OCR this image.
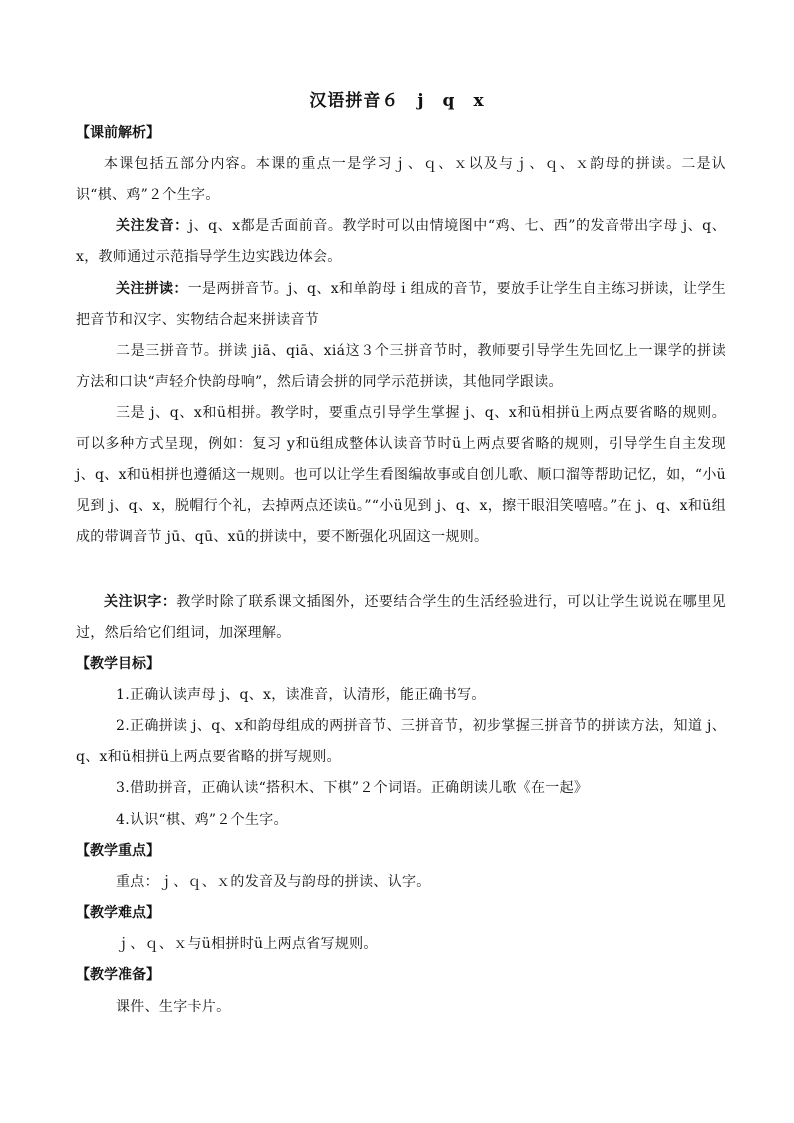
汉语拼音６　j　q　x
【课前解析】

本课包括五部分内容。本课的重点一是学习ｊ、ｑ、ｘ以及与ｊ、ｑ、ｘ韵母的拼读。二是认识“棋、鸡”２个生字。

关注发音：j、q、x都是舌面前音。教学时可以由情境图中“鸡、七、西”的发音带出字母 j、q、x，教师通过示范指导学生边实践边体会。

关注拼读：一是两拼音节。j、q、x和单韵母ｉ组成的音节，要放手让学生自主练习拼读，让学生把音节和汉字、实物结合起来拼读音节

二是三拼音节。拼读 jiā、qiā、xiá这３个三拼音节时，教师要引导学生先回忆上一课学的拼读方法和口诀“声轻介快韵母响”，然后请会拼的同学示范拼读，其他同学跟读。

三是 j、q、x和ü相拼。教学时，要重点引导学生掌握 j、q、x和ü相拼ü上两点要省略的规则。可以多种方式呈现，例如：复习 y和ü组成整体认读音节时ü上两点要省略的规则，引导学生自主发现 j、q、x和ü相拼也遵循这一规则。也可以让学生看图编故事或自创儿歌、顺口溜等帮助记忆，如，“小ü见到 j、q、x，脱帽行个礼，去掉两点还读ü。”“小ü见到 j、q、x，擦干眼泪笑嘻嘻。”在 j、q、x和ü组成的带调音节 jū、qū、xū的拼读中，要不断强化巩固这一规则。

关注识字：教学时除了联系课文插图外，还要结合学生的生活经验进行，可以让学生说说在哪里见过，然后给它们组词，加深理解。

【教学目标】

1.正确认读声母 j、q、x，读准音，认清形，能正确书写。

2.正确拼读 j、q、x和韵母组成的两拼音节、三拼音节，初步掌握三拼音节的拼读方法，知道 j、q、x和ü相拼ü上两点要省略的拼写规则。

3.借助拼音，正确认读“搭积木、下棋”２个词语。正确朗读儿歌《在一起》

4.认识“棋、鸡”２个生字。

【教学重点】

重点：ｊ、ｑ、ｘ的发音及与韵母的拼读、认字。

【教学难点】

ｊ、ｑ、ｘ与ü相拼时ü上两点省写规则。

【教学准备】

课件、生字卡片。
